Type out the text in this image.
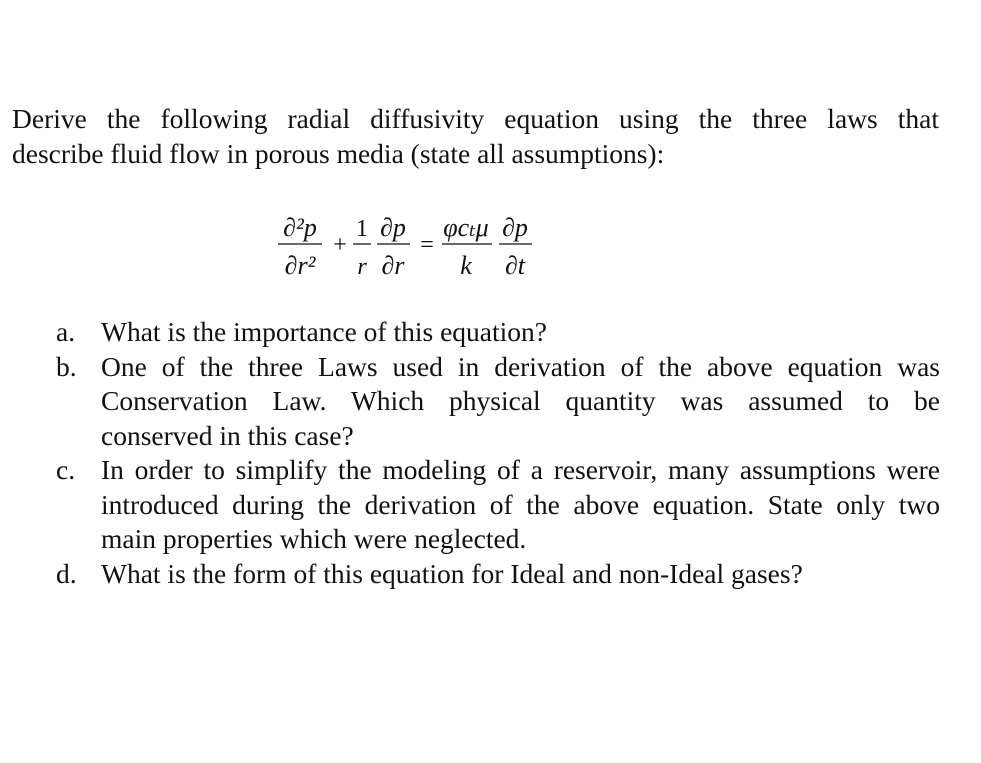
Derive the following radial diffusivity equation using the three laws that
describe fluid flow in porous media (state all assumptions):
∂²p
∂r²
+
1
r
∂p
∂r
=
φcₜμ
k
∂p
∂t
a. What is the importance of this equation?
b. One of the three Laws used in derivation of the above equation was
Conservation Law. Which physical quantity was assumed to be
conserved in this case?
c. In order to simplify the modeling of a reservoir, many assumptions were
introduced during the derivation of the above equation. State only two
main properties which were neglected.
d. What is the form of this equation for Ideal and non-Ideal gases?
